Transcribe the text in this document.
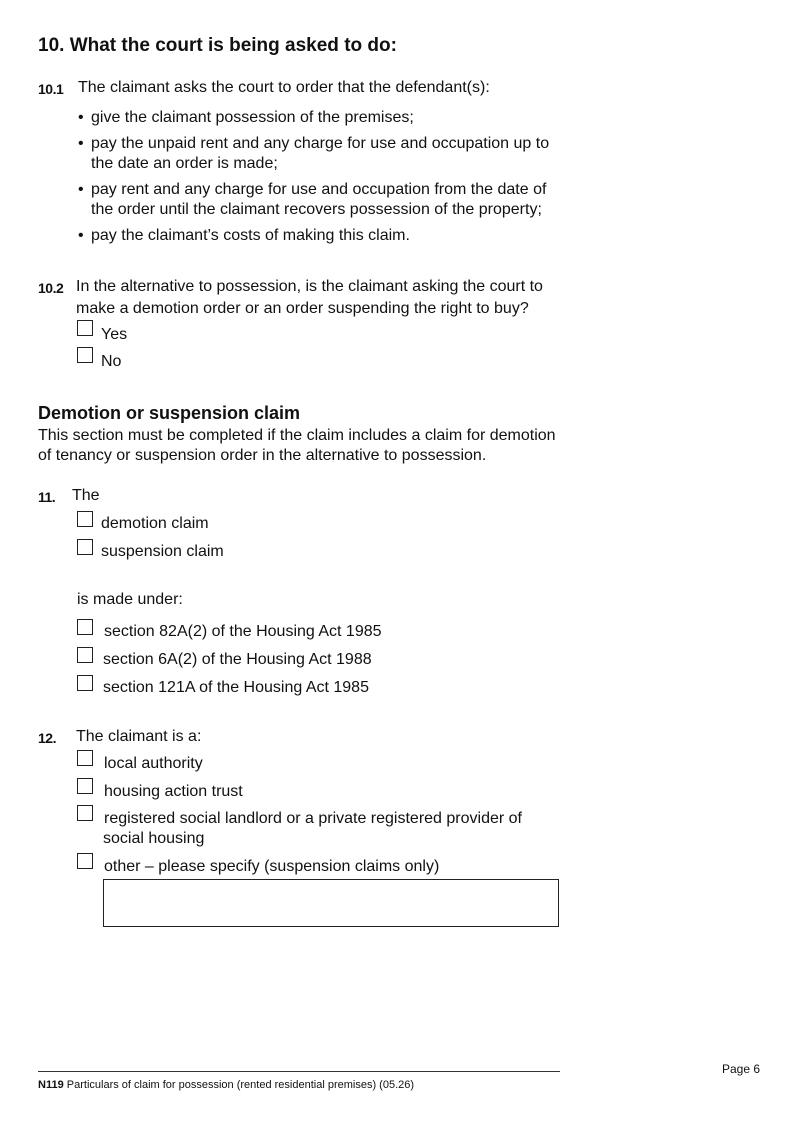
10. What the court is being asked to do:
10.1 The claimant asks the court to order that the defendant(s):
• give the claimant possession of the premises;
• pay the unpaid rent and any charge for use and occupation up to the date an order is made;
• pay rent and any charge for use and occupation from the date of the order until the claimant recovers possession of the property;
• pay the claimant’s costs of making this claim.
10.2 In the alternative to possession, is the claimant asking the court to
make a demotion order or an order suspending the right to buy?
Yes
No
Demotion or suspension claim
This section must be completed if the claim includes a claim for demotion
of tenancy or suspension order in the alternative to possession.
11. The
demotion claim
suspension claim
is made under:
section 82A(2) of the Housing Act 1985
section 6A(2) of the Housing Act 1988
section 121A of the Housing Act 1985
12. The claimant is a:
local authority
housing action trust
registered social landlord or a private registered provider of
social housing
other – please specify (suspension claims only)
Page 6
N119 Particulars of claim for possession (rented residential premises) (05.26)
